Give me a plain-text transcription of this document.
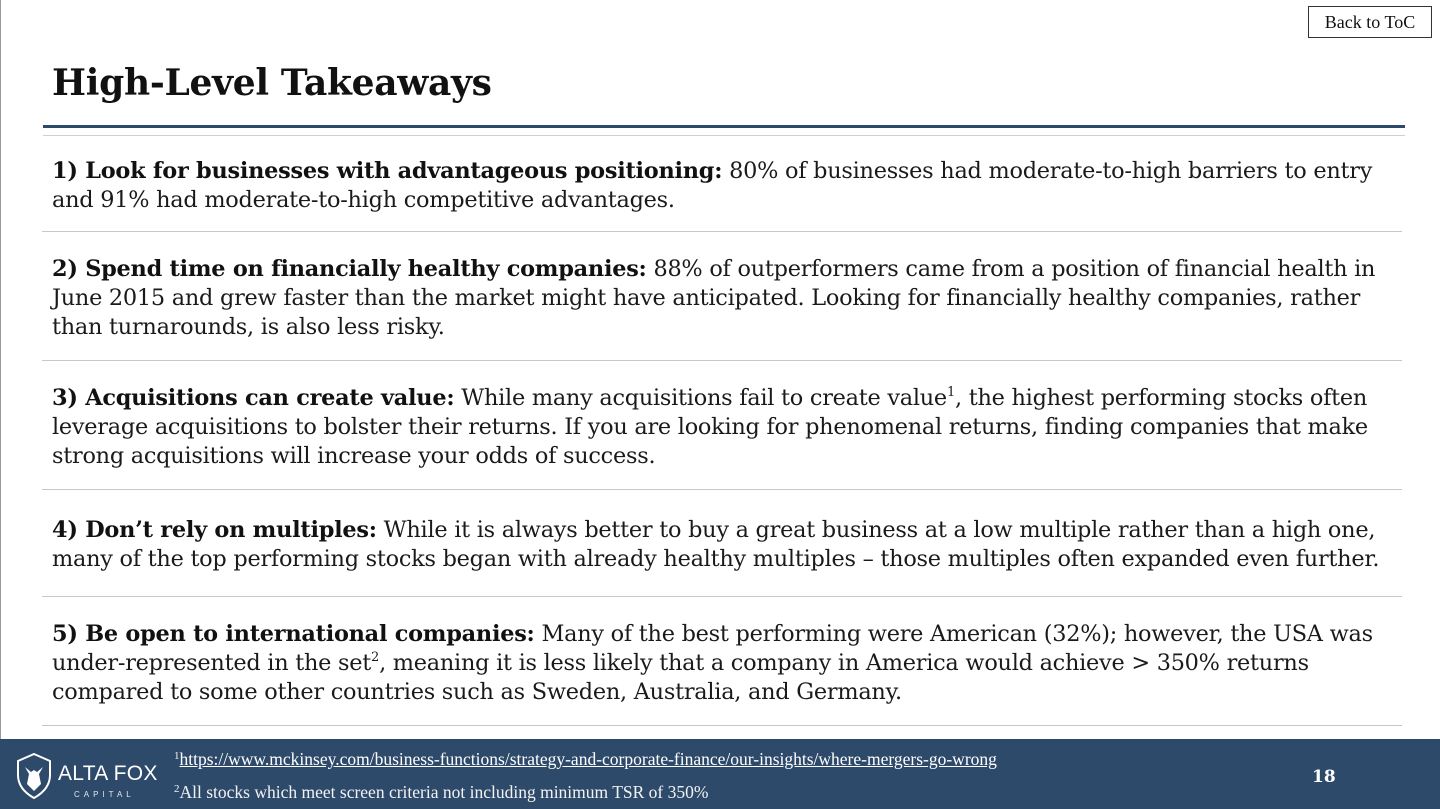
Back to ToC
High-Level Takeaways

1) Look for businesses with advantageous positioning: 80% of businesses had moderate-to-high barriers to entry and 91% had moderate-to-high competitive advantages.

2) Spend time on financially healthy companies: 88% of outperformers came from a position of financial health in June 2015 and grew faster than the market might have anticipated. Looking for financially healthy companies, rather than turnarounds, is also less risky.

3) Acquisitions can create value: While many acquisitions fail to create value$^1$, the highest performing stocks often leverage acquisitions to bolster their returns. If you are looking for phenomenal returns, finding companies that make strong acquisitions will increase your odds of success.

4) Don’t rely on multiples: While it is always better to buy a great business at a low multiple rather than a high one, many of the top performing stocks began with already healthy multiples – those multiples often expanded even further.

5) Be open to international companies: Many of the best performing were American (32%); however, the USA was under-represented in the set$^2$, meaning it is less likely that a company in America would achieve > 350% returns compared to some other countries such as Sweden, Australia, and Germany.

ALTA FOX
CAPITAL
$^1$https://www.mckinsey.com/business-functions/strategy-and-corporate-finance/our-insights/where-mergers-go-wrong
$^2$All stocks which meet screen criteria not including minimum TSR of 350%
18
